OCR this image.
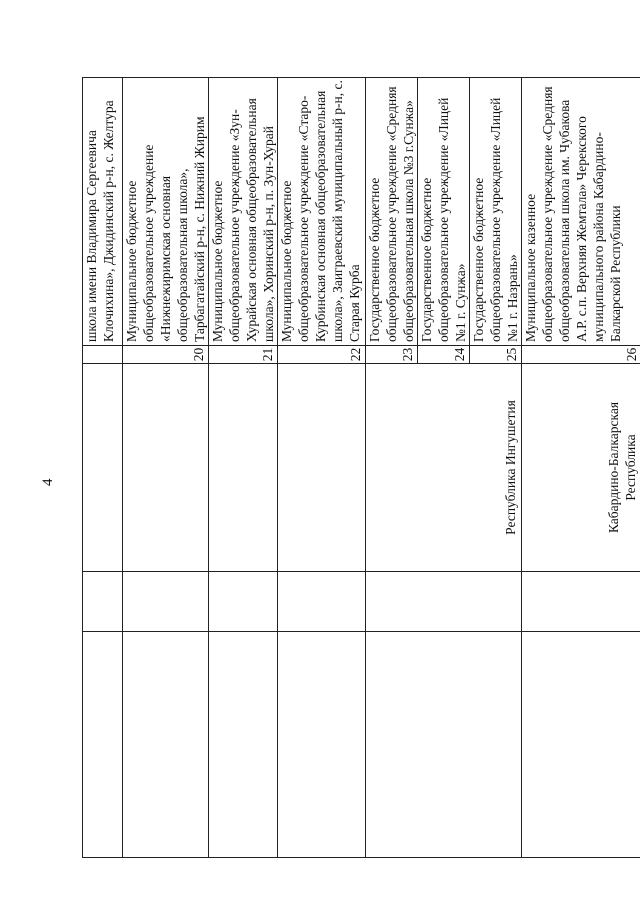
4
				школа имени Владимира Сергеевича Клочихина», Джидинский р-н, с. Желтура
			20	Муниципальное бюджетное общеобразовательное учреждение «Нижнежиримская основная общеобразовательная школа», Тарбагатайский р-н, с. Нижний Жирим
			21	Муниципальное бюджетное общеобразовательное учреждение «Зун-Хурайская основная общеобразовательная школа», Хоринский р-н, п. Зун-Хурай
			22	Муниципальное бюджетное общеобразовательное учреждение «Старо-Курбинская основная общеобразовательная школа», Заиграевский муниципальный р-н, с. Старая Курба
		Республика Ингушетия	23	Государственное бюджетное общеобразовательное учреждение «Средняя общеобразовательная школа №3 г.Сунжа»
			24	Государственное бюджетное общеобразовательное учреждение «Лицей №1 г. Сунжа»
			25	Государственное бюджетное общеобразовательное учреждение «Лицей №1 г. Назрань»
		Кабардино-Балкарская Республика	26	Муниципальное казенное общеобразовательное учреждение «Средняя общеобразовательная школа им. Чубакова А.Р. с.п. Верхняя Жемтала» Черекского муниципального района Кабардино-Балкарской Республики
